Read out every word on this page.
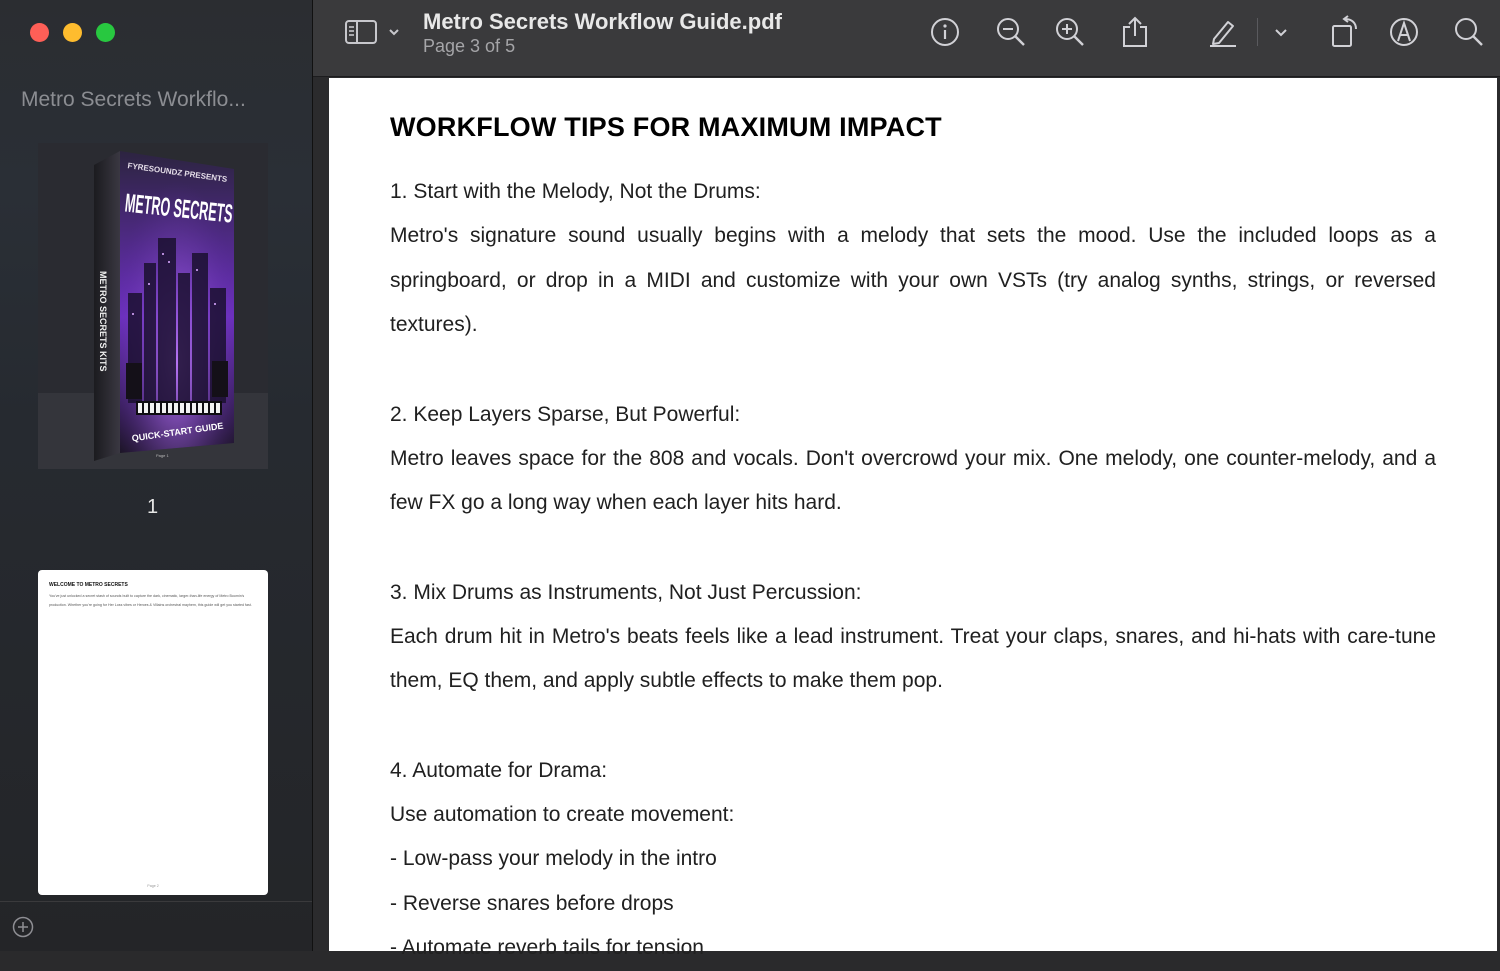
Metro Secrets Workflo...
FYRESOUNDZ PRESENTS
QUICK-START GUIDE
METRO SECRETS KITS
Page 1
1
WELCOME TO METRO SECRETS
You've just unlocked a secret stash of sounds built to capture the dark, cinematic, larger-than-life energy of Metro Boomin's production. Whether you're going for Her Loss vibes or Heroes & Villains orchestral mayhem, this guide will get you started fast.
Page 2
Metro Secrets Workflow Guide.pdf
Page 3 of 5
WORKFLOW TIPS FOR MAXIMUM IMPACT
1. Start with the Melody, Not the Drums:
Metro's signature sound usually begins with a melody that sets the mood. Use the included loops as a springboard, or drop in a MIDI and customize with your own VSTs (try analog synths, strings, or reversed textures).
2. Keep Layers Sparse, But Powerful:
Metro leaves space for the 808 and vocals. Don't overcrowd your mix. One melody, one counter-melody, and a few FX go a long way when each layer hits hard.
3. Mix Drums as Instruments, Not Just Percussion:
Each drum hit in Metro's beats feels like a lead instrument. Treat your claps, snares, and hi-hats with care-tune them, EQ them, and apply subtle effects to make them pop.
4. Automate for Drama:
Use automation to create movement:
- Low-pass your melody in the intro
- Reverse snares before drops
- Automate reverb tails for tension
